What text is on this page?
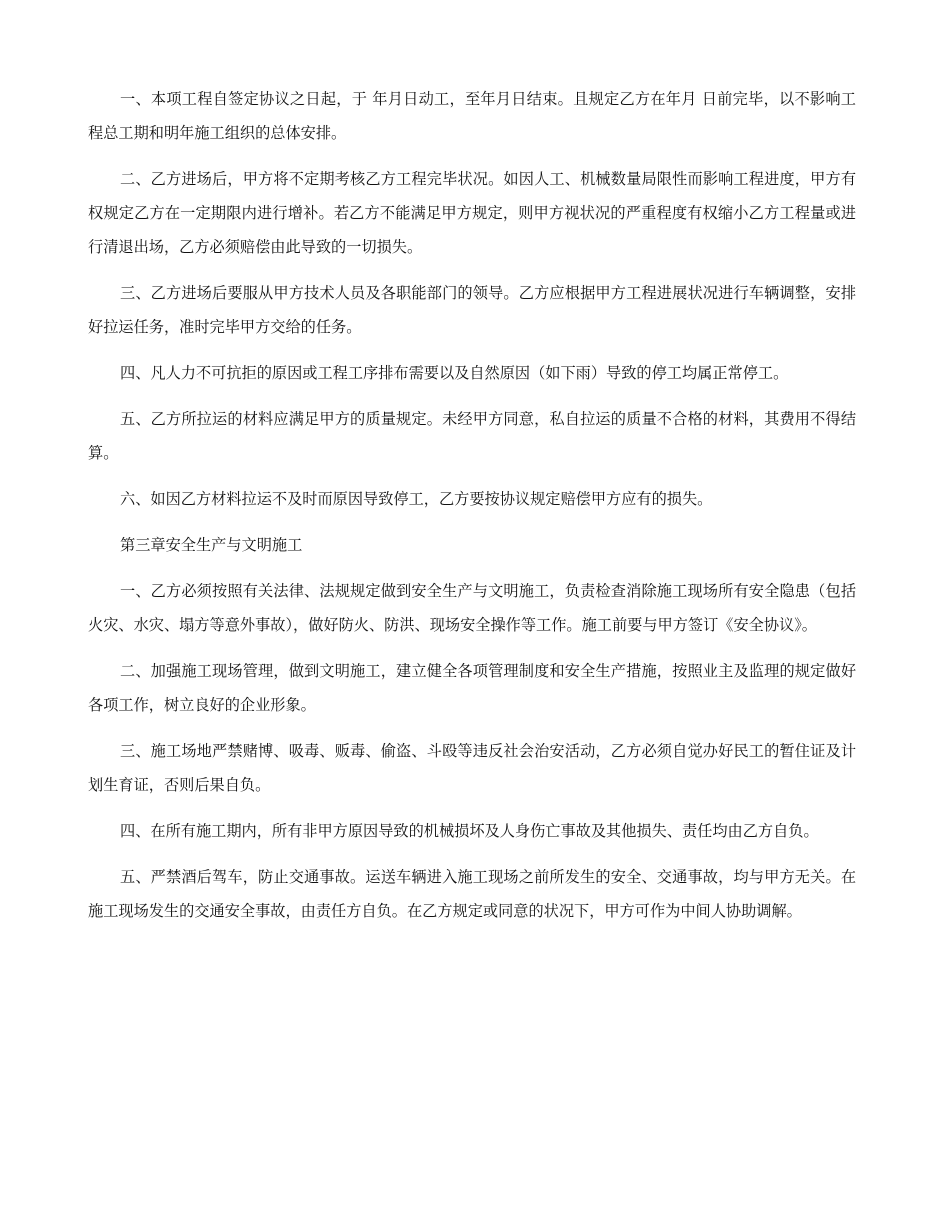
一、本项工程自签定协议之日起，于 年月日动工，至年月日结束。且规定乙方在年月 日前完毕，以不影响工程总工期和明年施工组织的总体安排。

二、乙方进场后，甲方将不定期考核乙方工程完毕状况。如因人工、机械数量局限性而影响工程进度，甲方有权规定乙方在一定期限内进行增补。若乙方不能满足甲方规定，则甲方视状况的严重程度有权缩小乙方工程量或进行清退出场，乙方必须赔偿由此导致的一切损失。

三、乙方进场后要服从甲方技术人员及各职能部门的领导。乙方应根据甲方工程进展状况进行车辆调整，安排好拉运任务，准时完毕甲方交给的任务。

四、凡人力不可抗拒的原因或工程工序排布需要以及自然原因（如下雨）导致的停工均属正常停工。

五、乙方所拉运的材料应满足甲方的质量规定。未经甲方同意，私自拉运的质量不合格的材料，其费用不得结算。

六、如因乙方材料拉运不及时而原因导致停工，乙方要按协议规定赔偿甲方应有的损失。

第三章安全生产与文明施工

一、乙方必须按照有关法律、法规规定做到安全生产与文明施工，负责检查消除施工现场所有安全隐患（包括火灾、水灾、塌方等意外事故），做好防火、防洪、现场安全操作等工作。施工前要与甲方签订《安全协议》。

二、加强施工现场管理，做到文明施工，建立健全各项管理制度和安全生产措施，按照业主及监理的规定做好各项工作，树立良好的企业形象。

三、施工场地严禁赌博、吸毒、贩毒、偷盗、斗殴等违反社会治安活动，乙方必须自觉办好民工的暂住证及计划生育证，否则后果自负。

四、在所有施工期内，所有非甲方原因导致的机械损坏及人身伤亡事故及其他损失、责任均由乙方自负。

五、严禁酒后驾车，防止交通事故。运送车辆进入施工现场之前所发生的安全、交通事故，均与甲方无关。在施工现场发生的交通安全事故，由责任方自负。在乙方规定或同意的状况下，甲方可作为中间人协助调解。
